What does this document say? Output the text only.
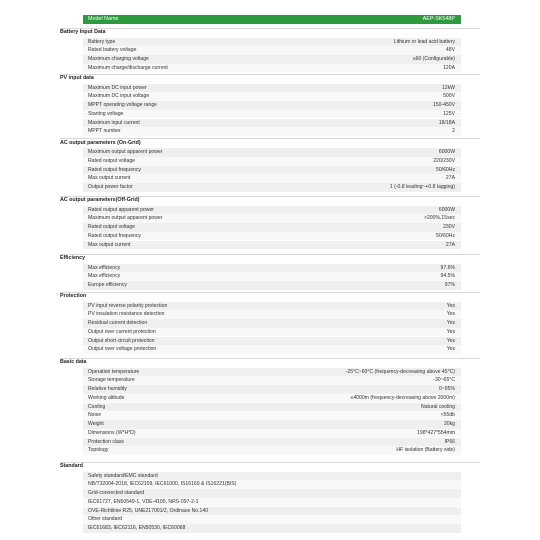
Model Name	AEP-SK548P
Battery Input Data
Battery type	Lithium or lead acid battery
Rated battery voltage	48V
Maximum charging voltage	≤60 (Configurable)
Maximum charge/discharge current	120A
PV input data
Maximum DC input power	12kW
Maximum DC input voltage	500V
MPPT operating voltage range	150-450V
Starting voltage	125V
Maximum input current	18/18A
MPPT number	2
AC output parameters (On-Grid)
Maximum output apparent power	6000W
Rated output voltage	220/230V
Rated output frequency	50/60Hz
Max output current	27A
Output power factor	1 (-0.8 leading~+0.8 lagging)
AC output parameters(Off-Grid)
Rated output apparent power	6000W
Maximum output apparent power	>200%,15sec
Rated output voltage	230V
Rated output frequency	50/60Hz
Max output current	27A
Efficiency
Max efficiency	97.6%
Max efficiency	94.5%
Europe efficiency	97%
Protection
PV input reverse polarity protection	Yes
PV insulation resistance detection	Yes
Residual current detection	Yes
Output over current protection	Yes
Output short circuit protection	Yes
Output over voltage protection	Yes
Basic data
Operation temperature	-25°C~60°C (frequency-decreasing above 45°C)
Storage temperature	-30~65°C
Relative humidity	0~95%
Working altitude	≤4000m (frequency-decreasing above 2000m)
Cooling	Natural cooling
Noise	<55db
Weight	20kg
Dimensions (W*H*D)	198*427*554mm
Protection class	IP66
Topology	HF isolation (Battery side)
Standard
Safety standard/EMC standard
NB/T32004-2018, IEC62109, IEC61000, IS16169 & IS16221(BIS)
Grid-connected standard
IEC61727, EN50549-1, VDE-4105, NRS-097-2-1
OVE-Richtlinie R25, UNE217001/2, Ordinace No.140
Other standard
IEC61683, IEC62116, EN50530, IEC60068
